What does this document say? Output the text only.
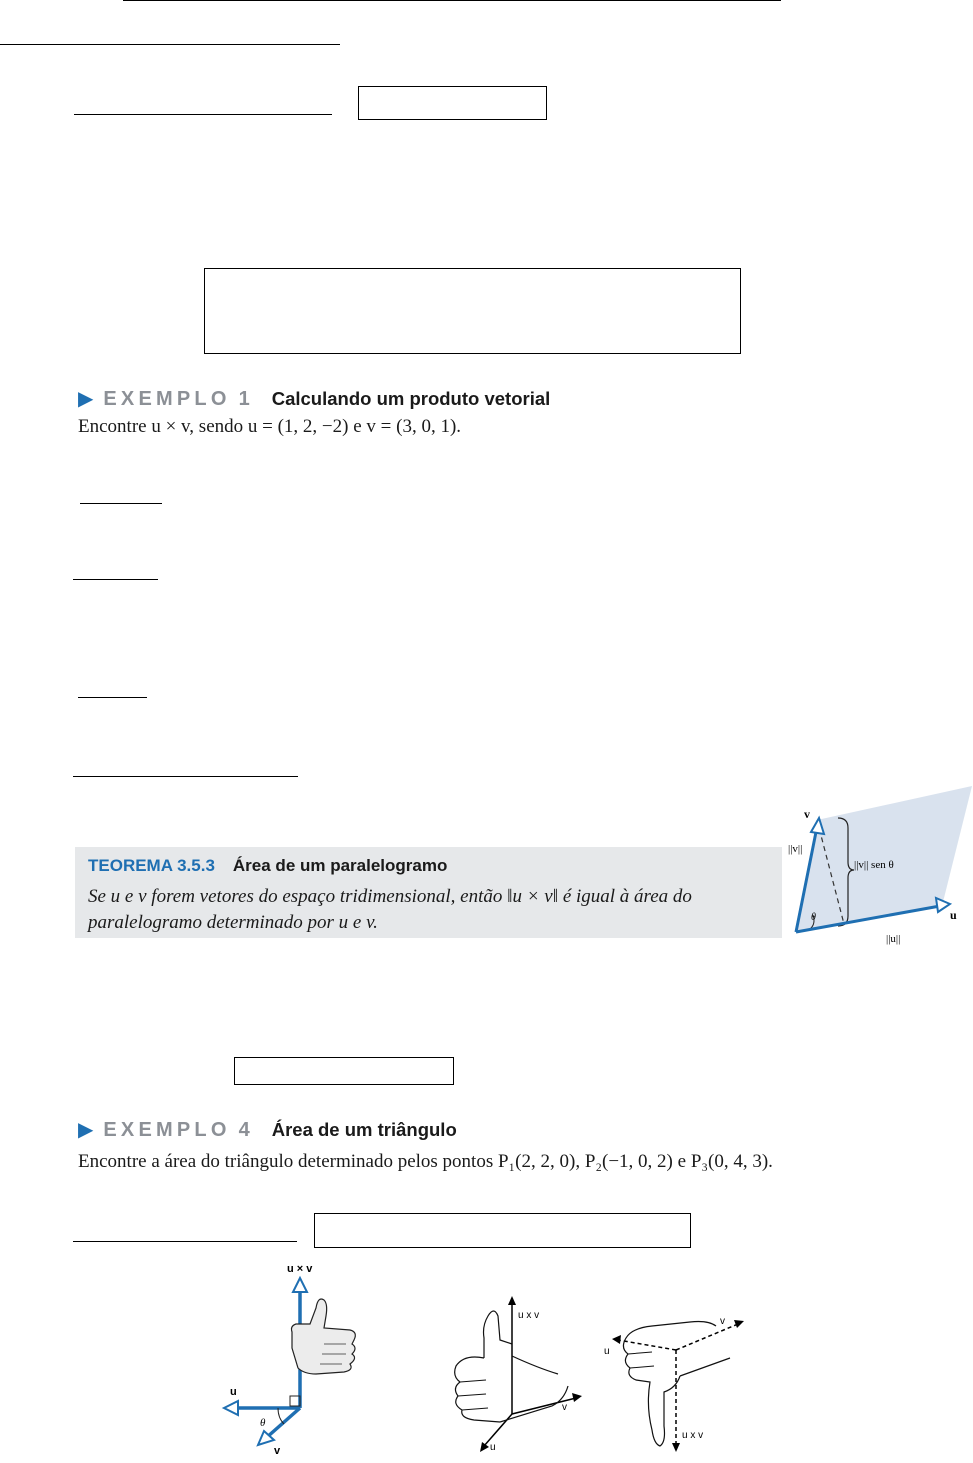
▶ EXEMPLO 1 Calculando um produto vetorial
Encontre u × v, sendo u = (1, 2, −2) e v = (3, 0, 1).
TEOREMA 3.5.3 Área de um paralelogramo
Se u e v forem vetores do espaço tridimensional, então ‖u × v‖ é igual à área do paralelogramo determinado por u e v.
v
||v||
||v|| sen θ
θ	u
||u||
▶ EXEMPLO 4 Área de um triângulo
Encontre a área do triângulo determinado pelos pontos P₁(2, 2, 0), P₂(−1, 0, 2) e P₃(0, 4, 3).
u × v
u
v
θ
u x v
v
u
u x v
v
u
